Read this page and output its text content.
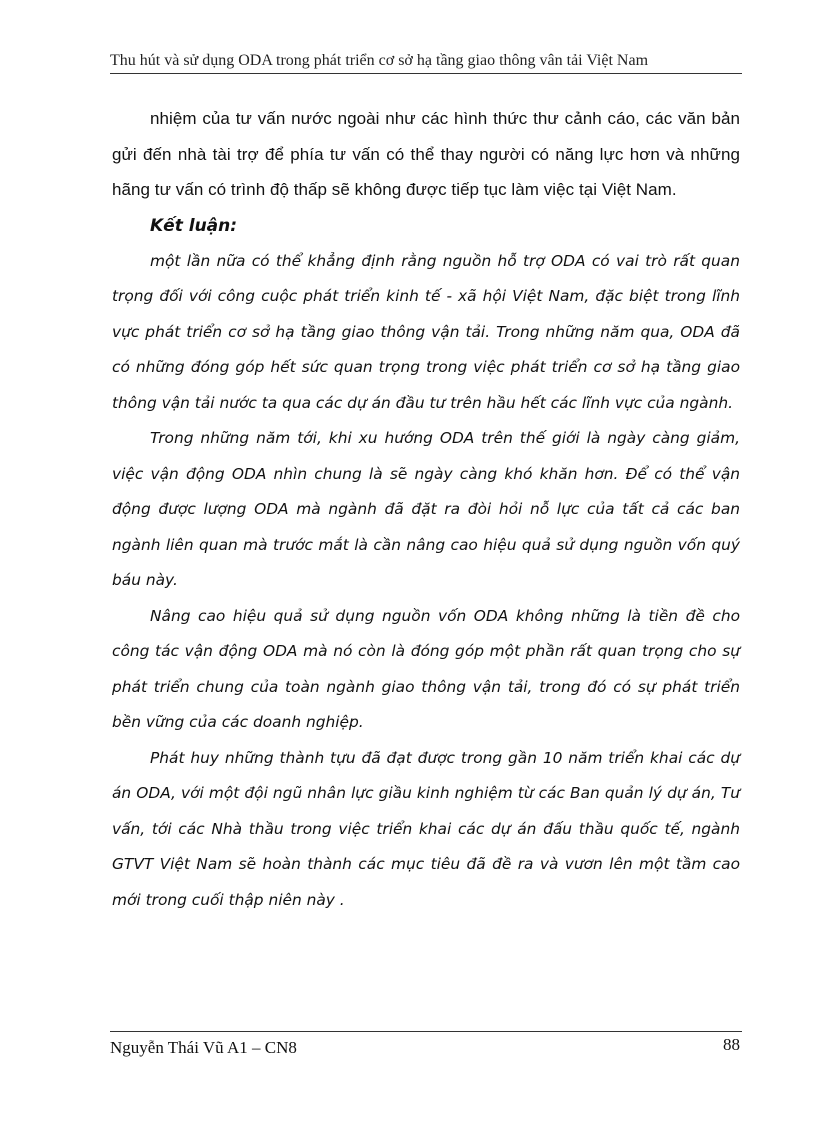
Thu hút và sử dụng ODA trong phát triển cơ sở hạ tầng giao thông vân tải Việt Nam

nhiệm của tư vấn nước ngoài như các hình thức thư cảnh cáo, các văn bản gửi đến nhà tài trợ để phía tư vấn có thể thay người có năng lực hơn và những hãng tư vấn có trình độ thấp sẽ không được tiếp tục làm việc tại Việt Nam.

Kết luận:

một lần nữa có thể khẳng định rằng nguồn hỗ trợ ODA có vai trò rất quan trọng đối với công cuộc phát triển kinh tế - xã hội Việt Nam, đặc biệt trong lĩnh vực phát triển cơ sở hạ tầng giao thông vận tải. Trong những năm qua, ODA đã có những đóng góp hết sức quan trọng trong việc phát triển cơ sở hạ tầng giao thông vận tải nước ta qua các dự án đầu tư trên hầu hết các lĩnh vực của ngành.

Trong những năm tới, khi xu hướng ODA trên thế giới là ngày càng giảm, việc vận động ODA nhìn chung là sẽ ngày càng khó khăn hơn. Để có thể vận động được lượng ODA mà ngành đã đặt ra đòi hỏi nỗ lực của tất cả các ban ngành liên quan mà trước mắt là cần nâng cao hiệu quả sử dụng nguồn vốn quý báu này.

Nâng cao hiệu quả sử dụng nguồn vốn ODA không những là tiền đề cho công tác vận động ODA mà nó còn là đóng góp một phần rất quan trọng cho sự phát triển chung của toàn ngành giao thông vận tải, trong đó có sự phát triển bền vững của các doanh nghiệp.

Phát huy những thành tựu đã đạt được trong gần 10 năm triển khai các dự án ODA, với một đội ngũ nhân lực giầu kinh nghiệm từ các Ban quản lý dự án, Tư vấn, tới các Nhà thầu trong việc triển khai các dự án đấu thầu quốc tế, ngành GTVT Việt Nam sẽ hoàn thành các mục tiêu đã đề ra và vươn lên một tầm cao mới trong cuối thập niên này .

Nguyễn Thái Vũ A1 – CN8	88
